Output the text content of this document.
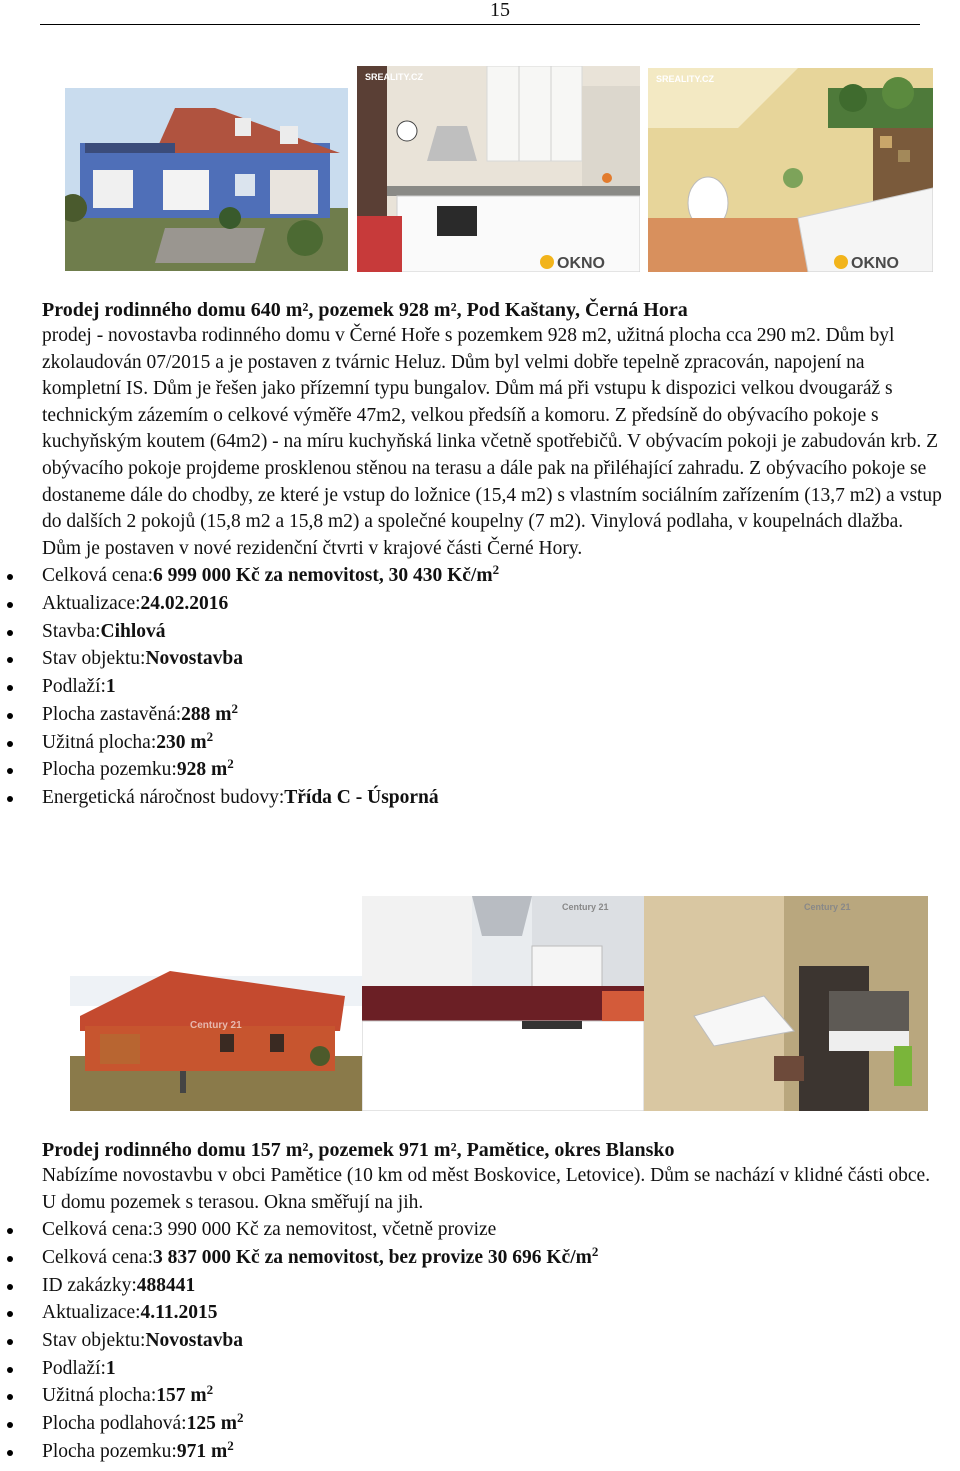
15
SREALITY.CZ
OKNO
SREALITY.CZ
OKNO
Prodej rodinného domu 640 m², pozemek 928 m², Pod Kaštany, Černá Hora

prodej - novostavba rodinného domu v Černé Hoře s pozemkem 928 m2, užitná plocha cca 290 m2. Dům byl zkolaudován 07/2015 a je postaven z tvárnic Heluz. Dům byl velmi dobře tepelně zpracován, napojení na kompletní IS. Dům je řešen jako přízemní typu bungalov. Dům má při vstupu k dispozici velkou dvougaráž s technickým zázemím o celkové výměře 47m2, velkou předsíň a komoru. Z předsíně do obývacího pokoje s kuchyňským koutem (64m2) - na míru kuchyňská linka včetně spotřebičů. V obývacím pokoji je zabudován krb. Z obývacího pokoje projdeme prosklenou stěnou na terasu a dále pak na přiléhající zahradu. Z obývacího pokoje se dostaneme dále do chodby, ze které je vstup do ložnice (15,4 m2) s vlastním sociálním zařízením (13,7 m2) a vstup do dalších 2 pokojů (15,8 m2 a 15,8 m2) a společné koupelny (7 m2). Vinylová podlaha, v koupelnách dlažba. Dům je postaven v nové rezidenční čtvrti v krajové části Černé Hory.

Celková cena:6 999 000 Kč za nemovitost, 30 430 $Kč/m^2$
Aktualizace:24.02.2016
Stavba:Cihlová
Stav objektu:Novostavba
Podlaží:1
Plocha zastavěná:288 $m^2$
Užitná plocha:230 $m^2$
Plocha pozemku:928 $m^2$
Energetická náročnost budovy:Třída C - Úsporná
Century 21
Century 21	Century 21
Prodej rodinného domu 157 m², pozemek 971 m², Pamětice, okres Blansko

Nabízíme novostavbu v obci Pamětice (10 km od měst Boskovice, Letovice). Dům se nachází v klidné části obce. U domu pozemek s terasou. Okna směřují na jih.

Celková cena:3 990 000 Kč za nemovitost, včetně provize
Celková cena:3 837 000 Kč za nemovitost, bez provize 30 696 $Kč/m^2$
ID zakázky:488441
Aktualizace:4.11.2015
Stav objektu:Novostavba
Podlaží:1
Užitná plocha:157 $m^2$
Plocha podlahová:125 $m^2$
Plocha pozemku:971 $m^2$
